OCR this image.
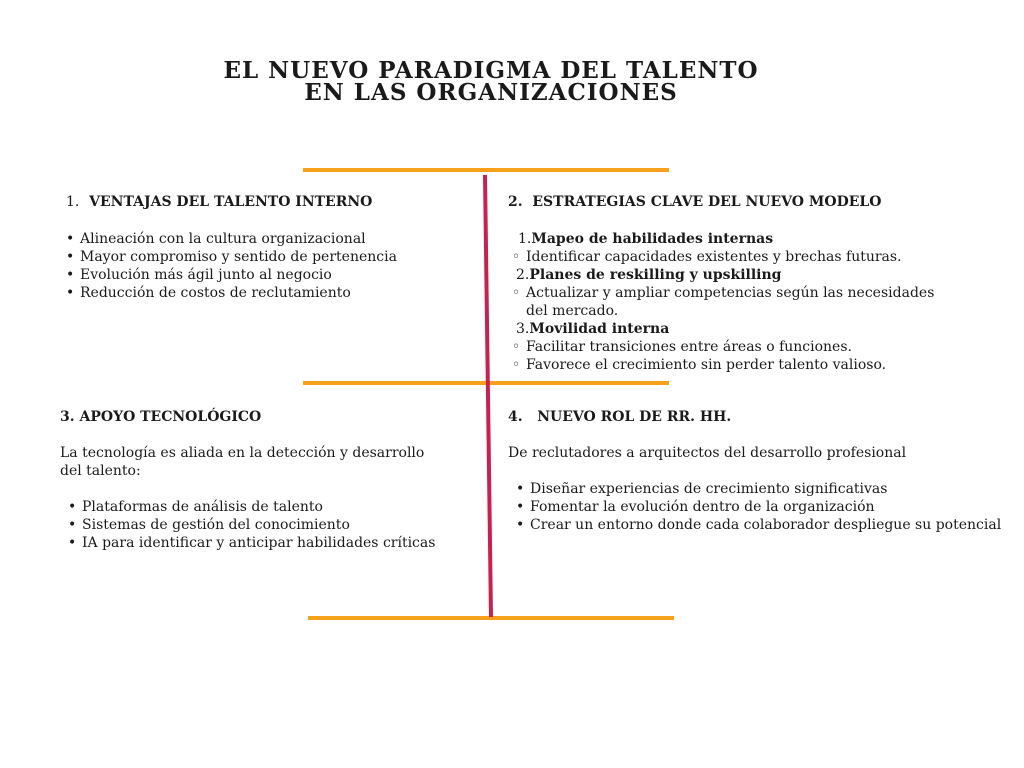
EL NUEVO PARADIGMA DEL TALENTO
EN LAS ORGANIZACIONES
1. VENTAJAS DEL TALENTO INTERNO
• Alineación con la cultura organizacional
• Mayor compromiso y sentido de pertenencia
• Evolución más ágil junto al negocio
• Reducción de costos de reclutamiento
2. ESTRATEGIAS CLAVE DEL NUEVO MODELO
1.Mapeo de habilidades internas
◦ Identificar capacidades existentes y brechas futuras.
2.Planes de reskilling y upskilling
◦ Actualizar y ampliar competencias según las necesidades del mercado.
3.Movilidad interna
◦ Facilitar transiciones entre áreas o funciones.
◦ Favorece el crecimiento sin perder talento valioso.
3. APOYO TECNOLÓGICO

La tecnología es aliada en la detección y desarrollo del talento:

• Plataformas de análisis de talento
• Sistemas de gestión del conocimiento
• IA para identificar y anticipar habilidades críticas
4. NUEVO ROL DE RR. HH.

De reclutadores a arquitectos del desarrollo profesional

• Diseñar experiencias de crecimiento significativas
• Fomentar la evolución dentro de la organización
• Crear un entorno donde cada colaborador despliegue su potencial
